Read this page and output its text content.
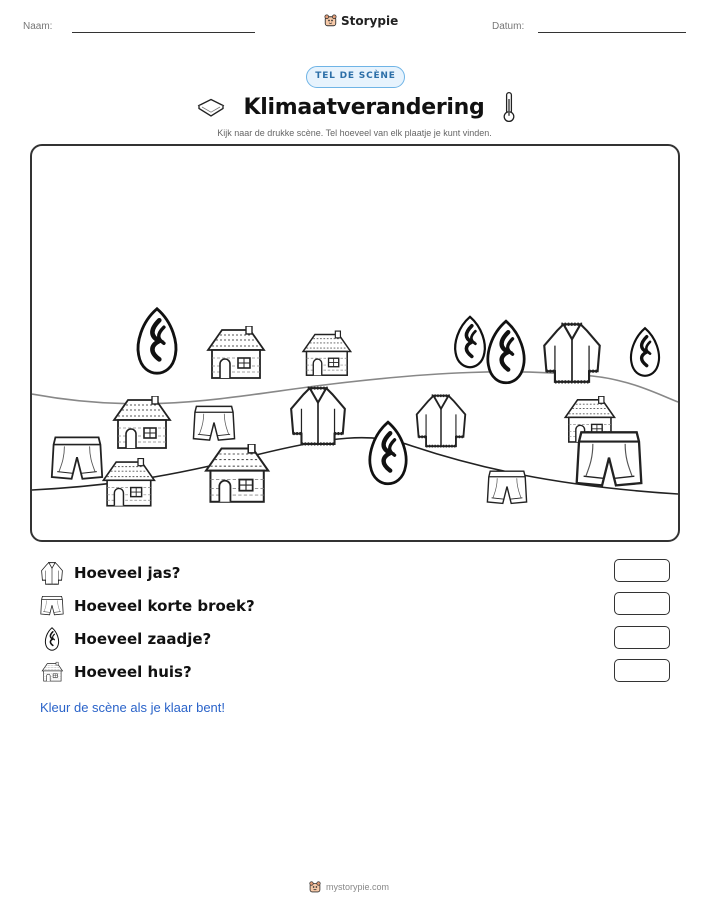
Naam:	Storypie	Datum:
TEL DE SCÈNE
Klimaatverandering
Kijk naar de drukke scène. Tel hoeveel van elk plaatje je kunt vinden.
Hoeveel jas?
Hoeveel korte broek?
Hoeveel zaadje?
Hoeveel huis?
Kleur de scène als je klaar bent!
mystorypie.com
